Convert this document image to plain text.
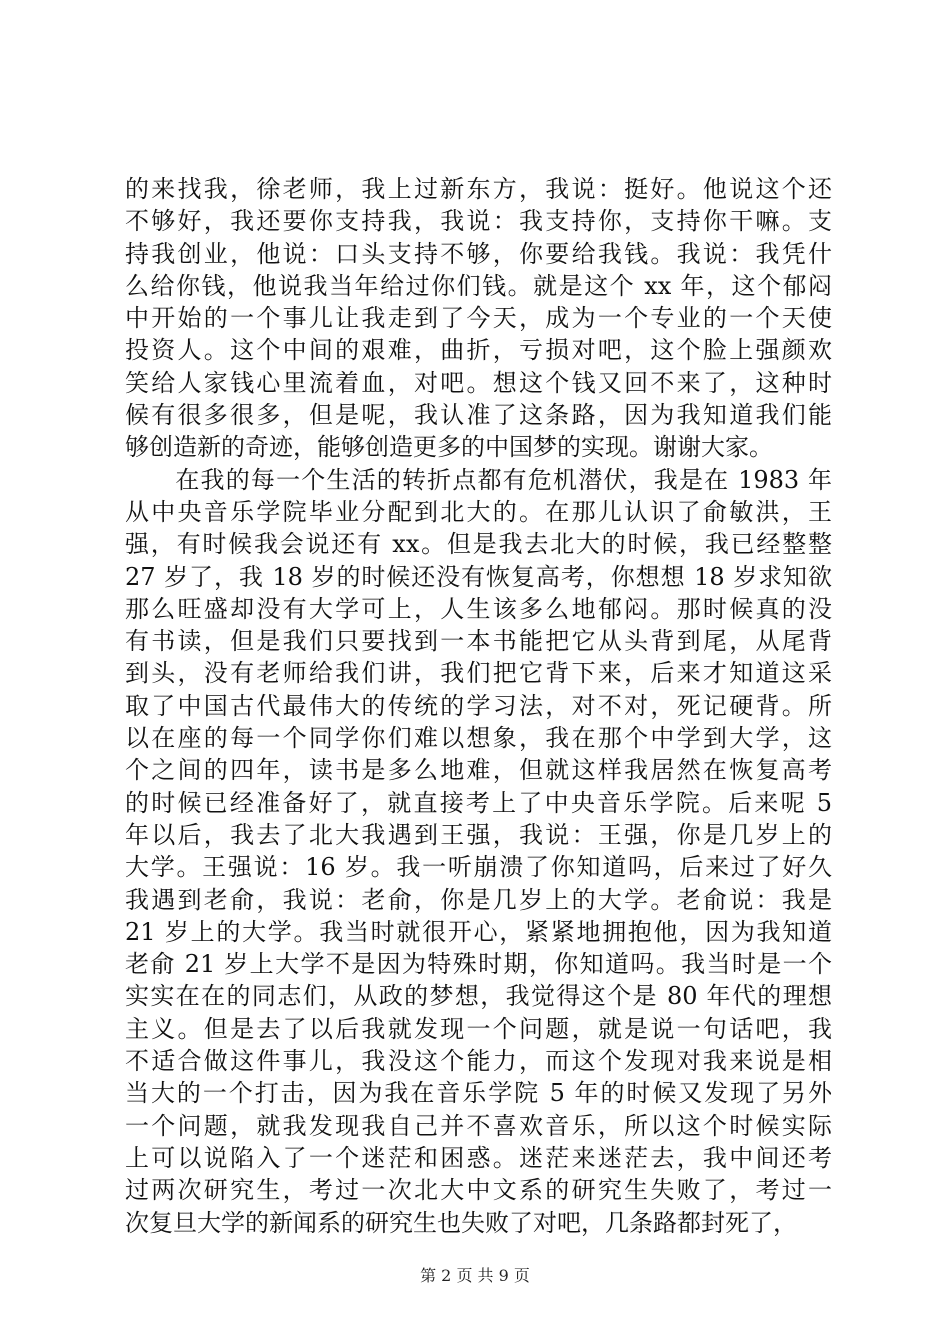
的来找我，徐老师，我上过新东方，我说：挺好。他说这个还
不够好，我还要你支持我，我说：我支持你，支持你干嘛。支
持我创业，他说：口头支持不够，你要给我钱。我说：我凭什
么给你钱，他说我当年给过你们钱。就是这个 xx 年，这个郁闷
中开始的一个事儿让我走到了今天，成为一个专业的一个天使
投资人。这个中间的艰难，曲折，亏损对吧，这个脸上强颜欢
笑给人家钱心里流着血，对吧。想这个钱又回不来了，这种时
候有很多很多，但是呢，我认准了这条路，因为我知道我们能
够创造新的奇迹，能够创造更多的中国梦的实现。谢谢大家。
　　在我的每一个生活的转折点都有危机潜伏，我是在 1983 年
从中央音乐学院毕业分配到北大的。在那儿认识了俞敏洪，王
强，有时候我会说还有 xx。但是我去北大的时候，我已经整整
27 岁了，我 18 岁的时候还没有恢复高考，你想想 18 岁求知欲
那么旺盛却没有大学可上，人生该多么地郁闷。那时候真的没
有书读，但是我们只要找到一本书能把它从头背到尾，从尾背
到头，没有老师给我们讲，我们把它背下来，后来才知道这采
取了中国古代最伟大的传统的学习法，对不对，死记硬背。所
以在座的每一个同学你们难以想象，我在那个中学到大学，这
个之间的四年，读书是多么地难，但就这样我居然在恢复高考
的时候已经准备好了，就直接考上了中央音乐学院。后来呢 5
年以后，我去了北大我遇到王强，我说：王强，你是几岁上的
大学。王强说：16 岁。我一听崩溃了你知道吗，后来过了好久
我遇到老俞，我说：老俞，你是几岁上的大学。老俞说：我是
21 岁上的大学。我当时就很开心，紧紧地拥抱他，因为我知道
老俞 21 岁上大学不是因为特殊时期，你知道吗。我当时是一个
实实在在的同志们，从政的梦想，我觉得这个是 80 年代的理想
主义。但是去了以后我就发现一个问题，就是说一句话吧，我
不适合做这件事儿，我没这个能力，而这个发现对我来说是相
当大的一个打击，因为我在音乐学院 5 年的时候又发现了另外
一个问题，就我发现我自己并不喜欢音乐，所以这个时候实际
上可以说陷入了一个迷茫和困惑。迷茫来迷茫去，我中间还考
过两次研究生，考过一次北大中文系的研究生失败了，考过一
次复旦大学的新闻系的研究生也失败了对吧，几条路都封死了，
第 2 页 共 9 页
